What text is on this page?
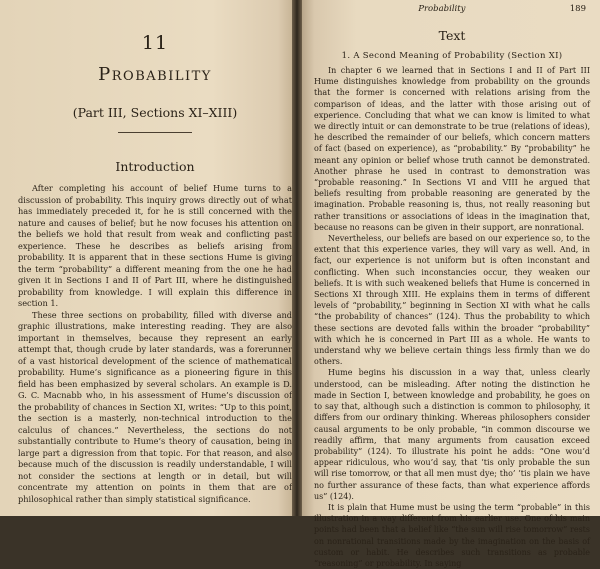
11
Probability
(Part III, Sections XI–XIII)
Introduction

After completing his account of belief Hume turns to a discussion of probability. This inquiry grows directly out of what has immediately preceded it, for he is still concerned with the nature and causes of belief; but he now focuses his attention on the beliefs we hold that result from weak and conflicting past experience. These he describes as beliefs arising from probability. It is apparent that in these sections Hume is giving the term “probability” a different meaning from the one he had given it in Sections I and II of Part III, where he distinguished probability from knowledge. I will explain this difference in section 1.

These three sections on probability, filled with diverse and graphic illustrations, make interesting reading. They are also important in themselves, because they represent an early attempt that, though crude by later standards, was a forerunner of a vast historical development of the science of mathematical probability. Hume’s significance as a pioneering figure in this field has been emphasized by several scholars. An example is D. G. C. Macnabb who, in his assessment of Hume’s discussion of the probability of chances in Section XI, writes: “Up to this point, the section is a masterly, non-technical introduction to the calculus of chances.” Nevertheless, the sections do not substantially contribute to Hume’s theory of causation, being in large part a digression from that topic. For that reason, and also because much of the discussion is readily understandable, I will not consider the sections at length or in detail, but will concentrate my attention on points in them that are of philosophical rather than simply statistical significance.

Probability	189
Text
1. A Second Meaning of Probability (Section XI)

In chapter 6 we learned that in Sections I and II of Part III Hume distinguishes knowledge from probability on the grounds that the former is concerned with relations arising from the comparison of ideas, and the latter with those arising out of experience. Concluding that what we can know is limited to what we directly intuit or can demonstrate to be true (relations of ideas), he described the remainder of our beliefs, which concern matters of fact (based on experience), as “probability.” By “probability” he meant any opinion or belief whose truth cannot be demonstrated. Another phrase he used in contrast to demonstration was “probable reasoning.” In Sections VI and VIII he argued that beliefs resulting from probable reasoning are generated by the imagination. Probable reasoning is, thus, not really reasoning but rather transitions or associations of ideas in the imagination that, because no reasons can be given in their support, are nonrational.

Nevertheless, our beliefs are based on our experience so, to the extent that this experience varies, they will vary as well. And, in fact, our experience is not uniform but is often inconstant and conflicting. When such inconstancies occur, they weaken our beliefs. It is with such weakened beliefs that Hume is concerned in Sections XI through XIII. He explains them in terms of different levels of “probability,” beginning in Section XI with what he calls “the probability of chances” (124). Thus the probability to which these sections are devoted falls within the broader “probability” with which he is concerned in Part III as a whole. He wants to understand why we believe certain things less firmly than we do others.

Hume begins his discussion in a way that, unless clearly understood, can be misleading. After noting the distinction he made in Section I, between knowledge and probability, he goes on to say that, although such a distinction is common to philosophy, it differs from our ordinary thinking. Whereas philosophers consider causal arguments to be only probable, “in common discourse we readily affirm, that many arguments from causation exceed probability” (124). To illustrate his point he adds: “One wou’d appear ridiculous, who wou’d say, that ’tis only probable the sun will rise tomorrow, or that all men must dye; tho’ ’tis plain we have no further assurance of these facts, than what experience affords us” (124).

It is plain that Hume must be using the term “probable” in this illustration in a way different from his earlier use. One of his main points had been that a belief like “the sun will rise tomorrow” rests on nonrational transitions made by the imagination on the basis of custom or habit. He describes such transitions as probable “reasoning” or probability. In saying
